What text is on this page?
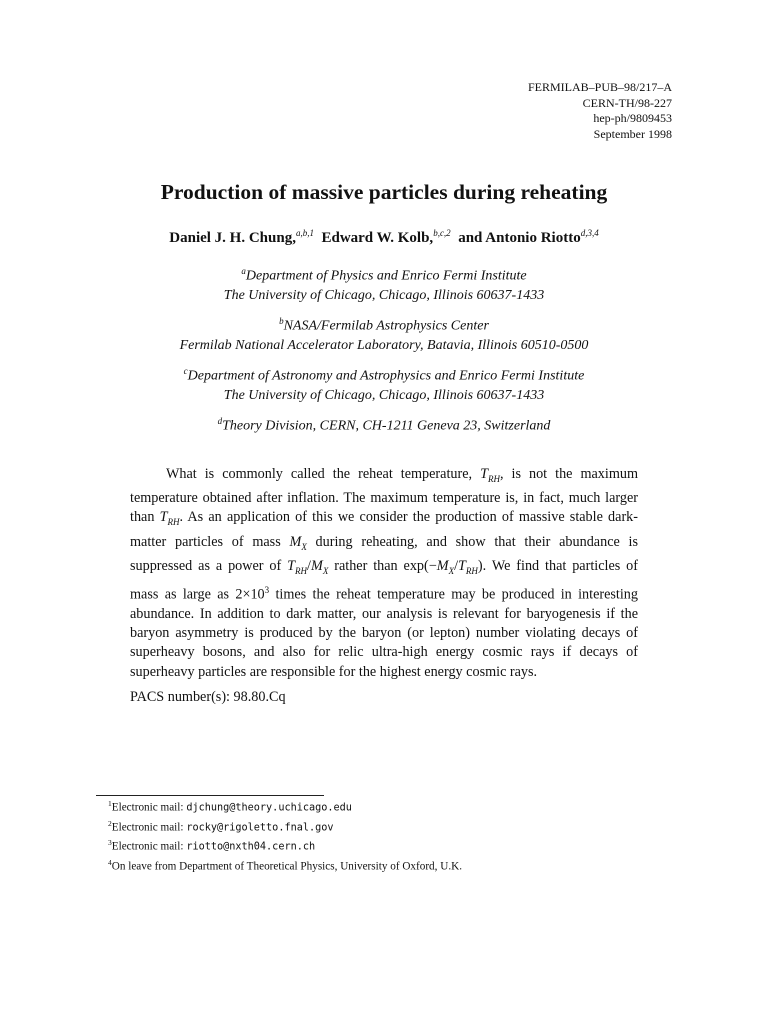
FERMILAB–PUB–98/217–A
CERN-TH/98-227
hep-ph/9809453
September 1998
Production of massive particles during reheating
Daniel J. H. Chung,$^{a,b,1}$ Edward W. Kolb,$^{b,c,2}$ and Antonio Riotto$^{d,3,4}$
$^a$Department of Physics and Enrico Fermi Institute
The University of Chicago, Chicago, Illinois 60637-1433
$^b$NASA/Fermilab Astrophysics Center
Fermilab National Accelerator Laboratory, Batavia, Illinois 60510-0500
$^c$Department of Astronomy and Astrophysics and Enrico Fermi Institute
The University of Chicago, Chicago, Illinois 60637-1433
$^d$Theory Division, CERN, CH-1211 Geneva 23, Switzerland

What is commonly called the reheat temperature, $T_{RH}$, is not the maximum temperature obtained after inflation. The maximum temperature is, in fact, much larger than $T_{RH}$. As an application of this we consider the production of massive stable dark-matter particles of mass $M_X$ during reheating, and show that their abundance is suppressed as a power of $T_{RH}/M_X$ rather than $\exp(-M_X/T_{RH})$. We find that particles of mass as large as $2\times 10^3$ times the reheat temperature may be produced in interesting abundance. In addition to dark matter, our analysis is relevant for baryogenesis if the baryon asymmetry is produced by the baryon (or lepton) number violating decays of superheavy bosons, and also for relic ultra-high energy cosmic rays if decays of superheavy particles are responsible for the highest energy cosmic rays.

PACS number(s): 98.80.Cq
$^1$Electronic mail: djchung@theory.uchicago.edu
$^2$Electronic mail: rocky@rigoletto.fnal.gov
$^3$Electronic mail: riotto@nxth04.cern.ch
$^4$On leave from Department of Theoretical Physics, University of Oxford, U.K.
